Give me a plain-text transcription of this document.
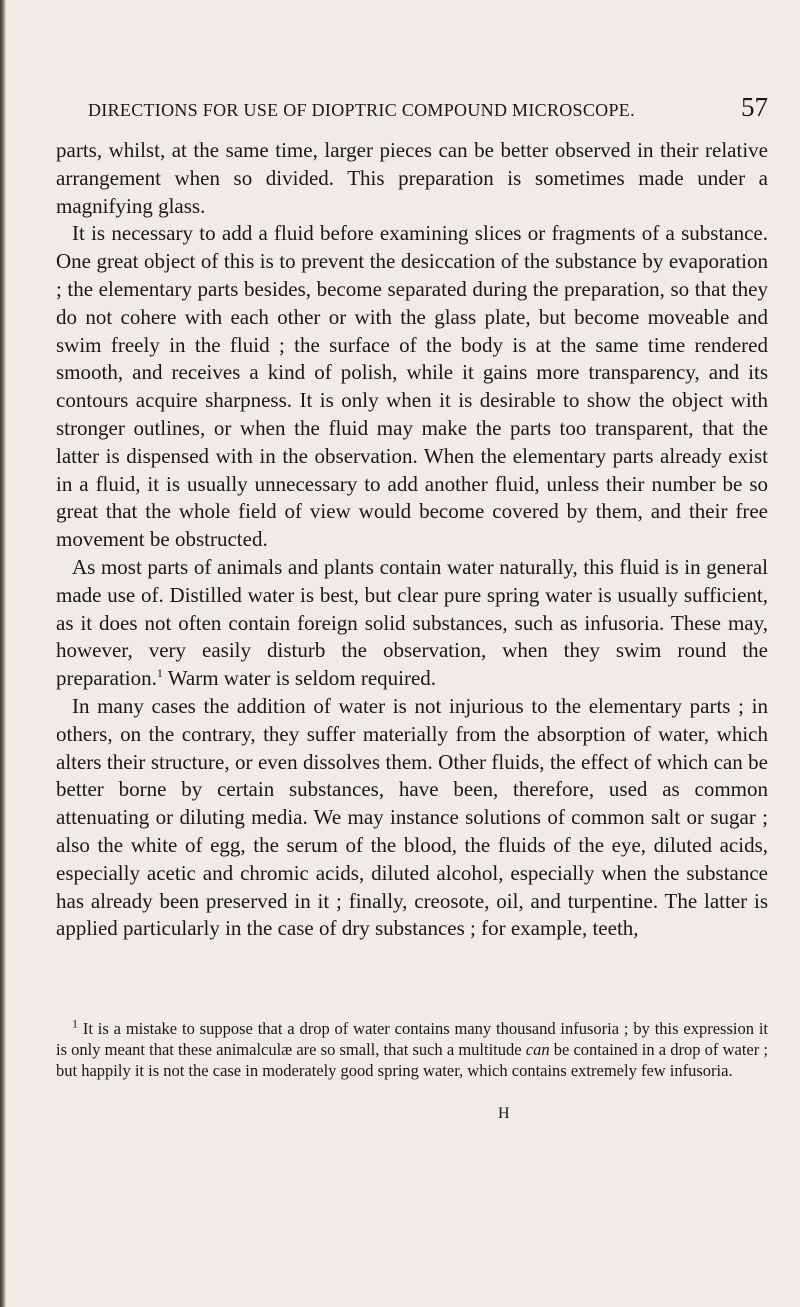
DIRECTIONS FOR USE OF DIOPTRIC COMPOUND MICROSCOPE.	57

parts, whilst, at the same time, larger pieces can be better observed in their relative arrangement when so divided. This preparation is sometimes made under a magnifying glass.

It is necessary to add a fluid before examining slices or fragments of a substance. One great object of this is to prevent the desiccation of the substance by evaporation ; the elementary parts besides, become separated during the preparation, so that they do not cohere with each other or with the glass plate, but become moveable and swim freely in the fluid ; the surface of the body is at the same time rendered smooth, and receives a kind of polish, while it gains more transparency, and its contours acquire sharpness. It is only when it is desirable to show the object with stronger outlines, or when the fluid may make the parts too transparent, that the latter is dispensed with in the observation. When the elementary parts already exist in a fluid, it is usually unnecessary to add another fluid, unless their number be so great that the whole field of view would become covered by them, and their free movement be obstructed.

As most parts of animals and plants contain water naturally, this fluid is in general made use of. Distilled water is best, but clear pure spring water is usually sufficient, as it does not often contain foreign solid substances, such as infusoria. These may, however, very easily disturb the observation, when they swim round the preparation.$^1$ Warm water is seldom required.

In many cases the addition of water is not injurious to the elementary parts ; in others, on the contrary, they suffer materially from the absorption of water, which alters their structure, or even dissolves them. Other fluids, the effect of which can be better borne by certain substances, have been, therefore, used as common attenuating or diluting media. We may instance solutions of common salt or sugar ; also the white of egg, the serum of the blood, the fluids of the eye, diluted acids, especially acetic and chromic acids, diluted alcohol, especially when the substance has already been preserved in it ; finally, creosote, oil, and turpentine. The latter is applied particularly in the case of dry substances ; for example, teeth,

$^1$ It is a mistake to suppose that a drop of water contains many thousand infusoria ; by this expression it is only meant that these animalculæ are so small, that such a multitude can be contained in a drop of water ; but happily it is not the case in moderately good spring water, which contains extremely few infusoria.

H
